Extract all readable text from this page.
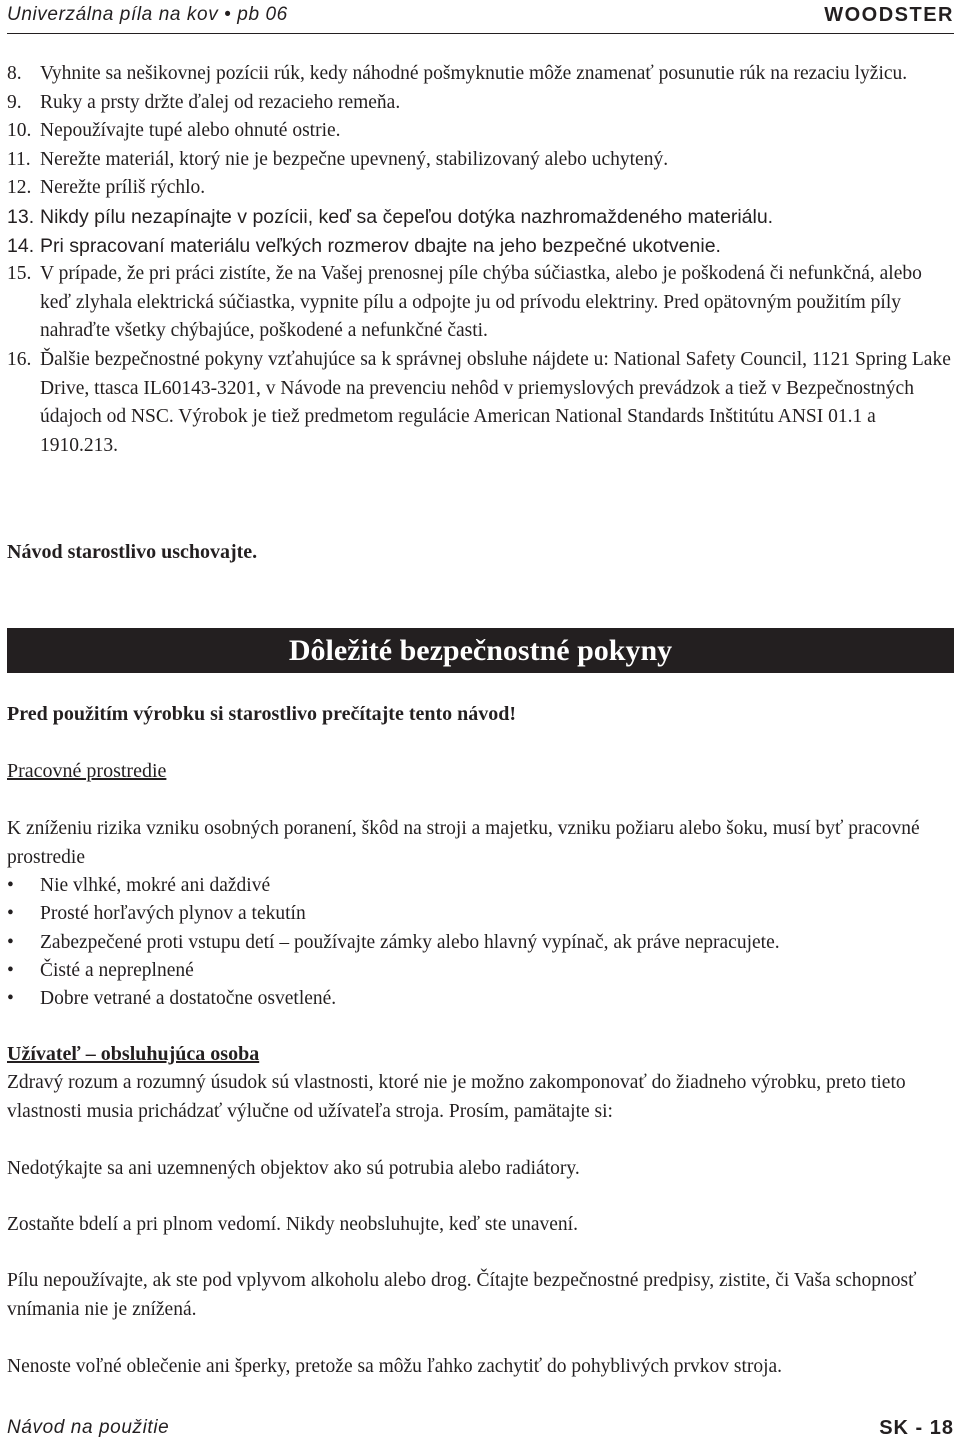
Univerzálna píla na kov • pb 06	WOODSTER
8. Vyhnite sa nešikovnej pozícii rúk, kedy náhodné pošmyknutie môže znamenať posunutie rúk na rezaciu lyžicu.
9. Ruky a prsty držte ďalej od rezacieho remeňa.
10. Nepoužívajte tupé alebo ohnuté ostrie.
11. Nerežte materiál, ktorý nie je bezpečne upevnený, stabilizovaný alebo uchytený.
12. Nerežte príliš rýchlo.
13. Nikdy pílu nezapínajte v pozícii, keď sa čepeľou dotýka nazhromaždeného materiálu.
14. Pri spracovaní materiálu veľkých rozmerov dbajte na jeho bezpečné ukotvenie.
15. V prípade, že pri práci zistíte, že na Vašej prenosnej píle chýba súčiastka, alebo je poškodená či nefunkčná, alebo keď zlyhala elektrická súčiastka, vypnite pílu a odpojte ju od prívodu elektriny. Pred opätovným použitím píly nahraďte všetky chýbajúce, poškodené a nefunkčné časti.
16. Ďalšie bezpečnostné pokyny vzťahujúce sa k správnej obsluhe nájdete u: National Safety Council, 1121 Spring Lake Drive, ttasca IL60143-3201, v Návode na prevenciu nehôd v priemyslových prevádzok a tiež v Bezpečnostných údajoch od NSC. Výrobok je tiež predmetom regulácie American National Standards Inštitútu ANSI 01.1 a 1910.213.
Návod starostlivo uschovajte.
Dôležité bezpečnostné pokyny
Pred použitím výrobku si starostlivo prečítajte tento návod!
Pracovné prostredie
K zníženiu rizika vzniku osobných poranení, škôd na stroji a majetku, vzniku požiaru alebo šoku, musí byť pracovné prostredie
•	Nie vlhké, mokré ani daždivé
•	Prosté horľavých plynov a tekutín
•	Zabezpečené proti vstupu detí – používajte zámky alebo hlavný vypínač, ak práve nepracujete.
•	Čisté a nepreplnené
•	Dobre vetrané a dostatočne osvetlené.
Užívateľ – obsluhujúca osoba
Zdravý rozum a rozumný úsudok sú vlastnosti, ktoré nie je možno zakomponovať do žiadneho výrobku, preto tieto vlastnosti musia prichádzať výlučne od užívateľa stroja. Prosím, pamätajte si:
Nedotýkajte sa ani uzemnených objektov ako sú potrubia alebo radiátory.
Zostaňte bdelí a pri plnom vedomí. Nikdy neobsluhujte, keď ste unavení.
Pílu nepoužívajte, ak ste pod vplyvom alkoholu alebo drog. Čítajte bezpečnostné predpisy, zistite, či Vaša schopnosť vnímania nie je znížená.
Nenoste voľné oblečenie ani šperky, pretože sa môžu ľahko zachytiť do pohyblivých prvkov stroja.
Návod na použitie	SK - 18
